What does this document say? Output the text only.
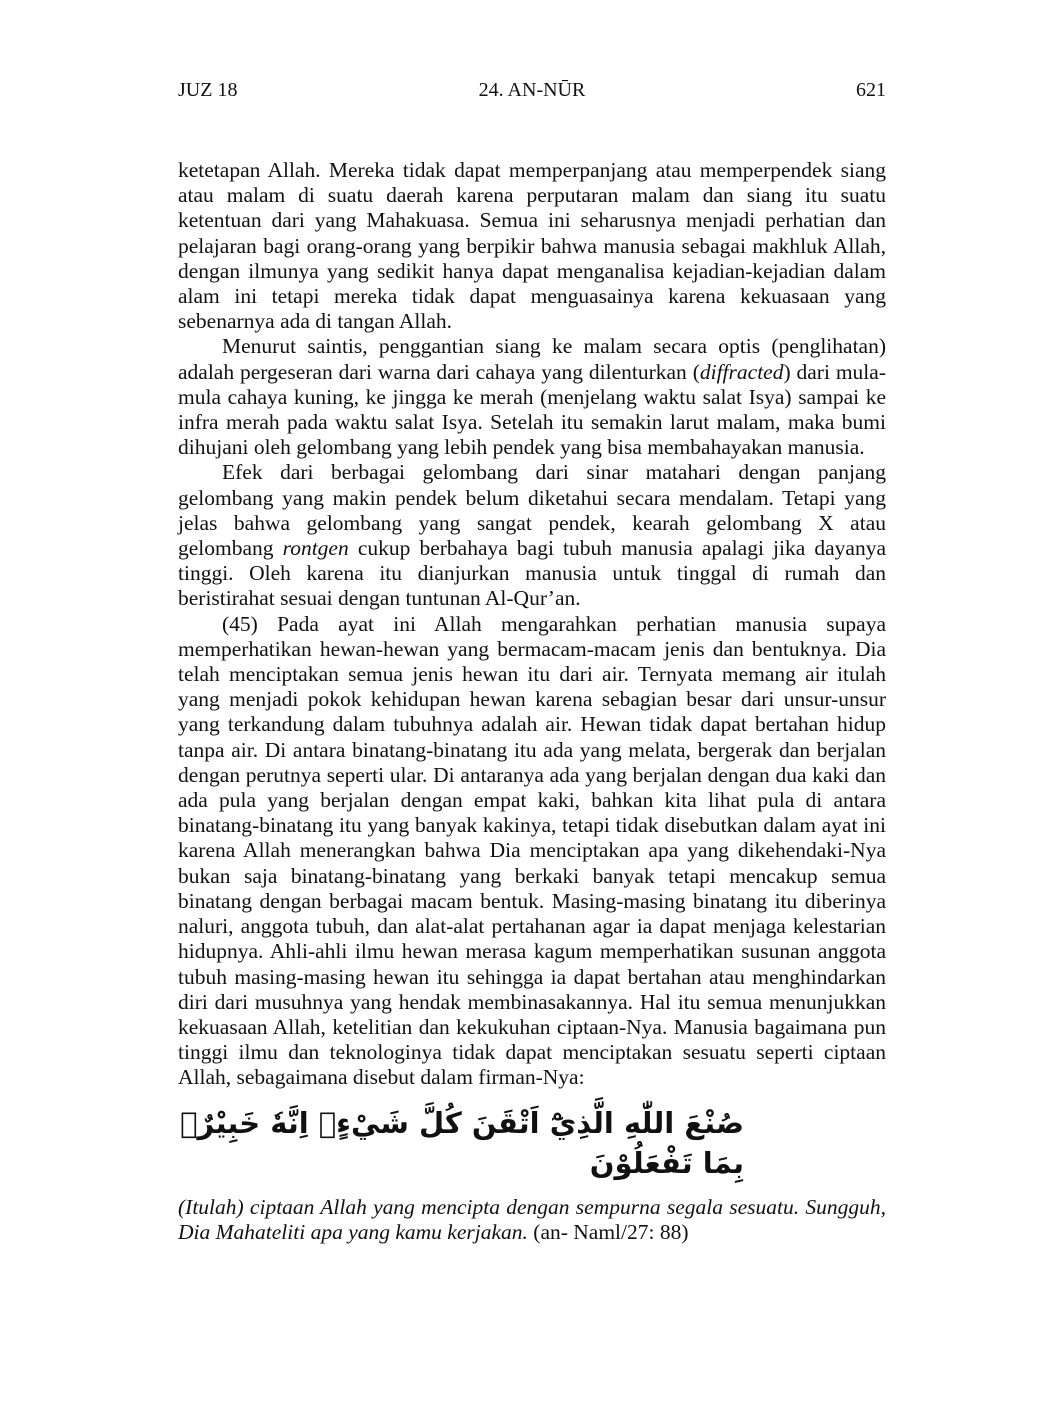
JUZ 18	24. AN-NŪR	621

ketetapan Allah. Mereka tidak dapat memperpanjang atau memperpendek siang atau malam di suatu daerah karena perputaran malam dan siang itu suatu ketentuan dari yang Mahakuasa. Semua ini seharusnya menjadi perhatian dan pelajaran bagi orang-orang yang berpikir bahwa manusia sebagai makhluk Allah, dengan ilmunya yang sedikit hanya dapat menganalisa kejadian-kejadian dalam alam ini tetapi mereka tidak dapat menguasainya karena kekuasaan yang sebenarnya ada di tangan Allah.

Menurut saintis, penggantian siang ke malam secara optis (penglihatan) adalah pergeseran dari warna dari cahaya yang dilenturkan (diffracted) dari mula-mula cahaya kuning, ke jingga ke merah (menjelang waktu salat Isya) sampai ke infra merah pada waktu salat Isya. Setelah itu semakin larut malam, maka bumi dihujani oleh gelombang yang lebih pendek yang bisa membahayakan manusia.

Efek dari berbagai gelombang dari sinar matahari dengan panjang gelombang yang makin pendek belum diketahui secara mendalam. Tetapi yang jelas bahwa gelombang yang sangat pendek, kearah gelombang X atau gelombang rontgen cukup berbahaya bagi tubuh manusia apalagi jika dayanya tinggi. Oleh karena itu dianjurkan manusia untuk tinggal di rumah dan beristirahat sesuai dengan tuntunan Al-Qur’an.

(45) Pada ayat ini Allah mengarahkan perhatian manusia supaya memperhatikan hewan-hewan yang bermacam-macam jenis dan bentuknya. Dia telah menciptakan semua jenis hewan itu dari air. Ternyata memang air itulah yang menjadi pokok kehidupan hewan karena sebagian besar dari unsur-unsur yang terkandung dalam tubuhnya adalah air. Hewan tidak dapat bertahan hidup tanpa air. Di antara binatang-binatang itu ada yang melata, bergerak dan berjalan dengan perutnya seperti ular. Di antaranya ada yang berjalan dengan dua kaki dan ada pula yang berjalan dengan empat kaki, bahkan kita lihat pula di antara binatang-binatang itu yang banyak kakinya, tetapi tidak disebutkan dalam ayat ini karena Allah menerangkan bahwa Dia menciptakan apa yang dikehendaki-Nya bukan saja binatang-binatang yang berkaki banyak tetapi mencakup semua binatang dengan berbagai macam bentuk. Masing-masing binatang itu diberinya naluri, anggota tubuh, dan alat-alat pertahanan agar ia dapat menjaga kelestarian hidupnya. Ahli-ahli ilmu hewan merasa kagum memperhatikan susunan anggota tubuh masing-masing hewan itu sehingga ia dapat bertahan atau menghindarkan diri dari musuhnya yang hendak membinasakannya. Hal itu semua menunjukkan kekuasaan Allah, ketelitian dan kekukuhan ciptaan-Nya. Manusia bagaimana pun tinggi ilmu dan teknologinya tidak dapat menciptakan sesuatu seperti ciptaan Allah, sebagaimana disebut dalam firman-Nya:

صُنْعَ اللّٰهِ الَّذِيْٓ اَتْقَنَ كُلَّ شَيْءٍۗ اِنَّهٗ خَبِيْرٌۢ بِمَا تَفْعَلُوْنَ

(Itulah) ciptaan Allah yang mencipta dengan sempurna segala sesuatu. Sungguh, Dia Mahateliti apa yang kamu kerjakan. (an- Naml/27: 88)
